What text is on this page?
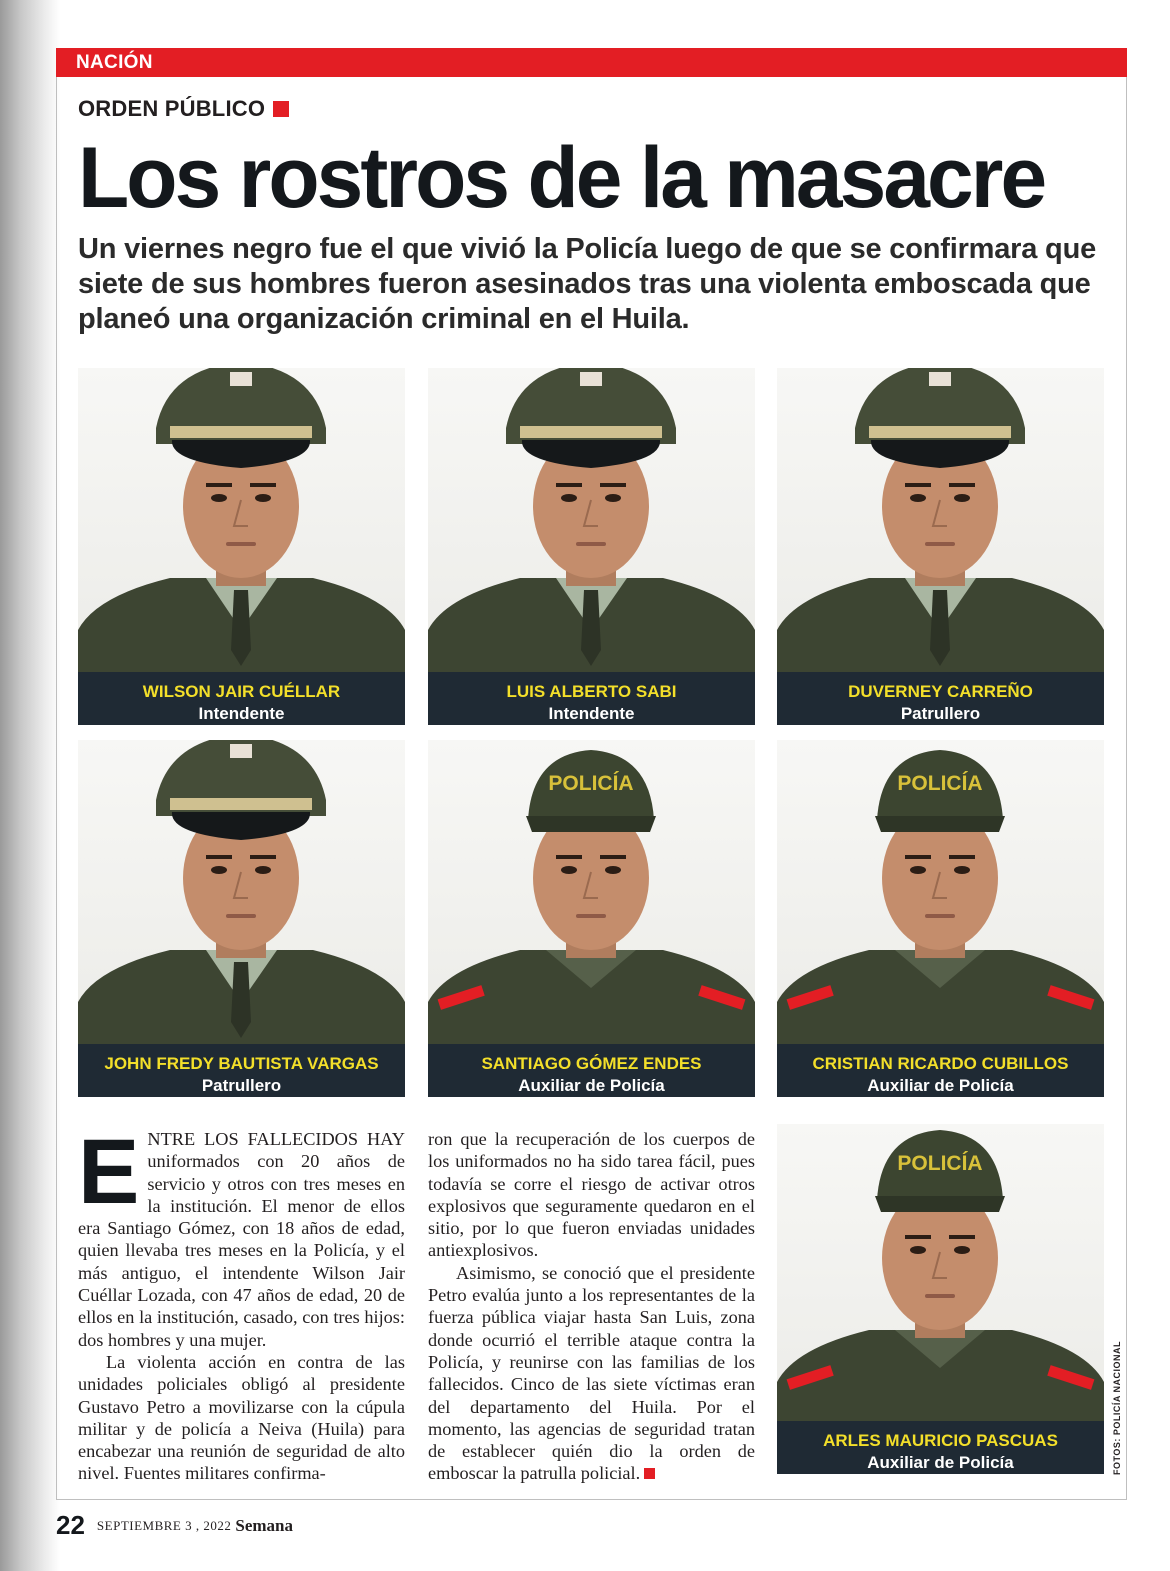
NACIÓN
ORDEN PÚBLICO
Los rostros de la masacre

Un viernes negro fue el que vivió la Policía luego de que se confirmara que siete de sus hombres fueron asesinados tras una violenta emboscada que planeó una organización criminal en el Huila.

WILSON JAIR CUÉLLAR
Intendente
LUIS ALBERTO SABI
Intendente
DUVERNEY CARREÑO
Patrullero
JOHN FREDY BAUTISTA VARGAS
Patrullero
POLICÍA
SANTIAGO GÓMEZ ENDES
Auxiliar de Policía
POLICÍA
CRISTIAN RICARDO CUBILLOS
Auxiliar de Policía
E NTRE LOS FALLECIDOS HAY uniformados con 20 años de servicio y otros con tres meses en la institución. El menor de ellos era Santiago Gómez, con 18 años de edad, quien llevaba tres meses en la Policía, y el más antiguo, el intendente Wilson Jair Cuéllar Lozada, con 47 años de edad, 20 de ellos en la institución, casado, con tres hijos: dos hombres y una mujer.

La violenta acción en contra de las unidades policiales obligó al presidente Gustavo Petro a movilizarse con la cúpula militar y de policía a Neiva (Huila) para encabezar una reunión de seguridad de alto nivel. Fuentes militares confirma-

ron que la recuperación de los cuerpos de los uniformados no ha sido tarea fácil, pues todavía se corre el riesgo de activar otros explosivos que seguramente quedaron en el sitio, por lo que fueron enviadas unidades antiexplosivos.

Asimismo, se conoció que el presidente Petro evalúa junto a los representantes de la fuerza pública viajar hasta San Luis, zona donde ocurrió el terrible ataque contra la Policía, y reunirse con las familias de los fallecidos. Cinco de las siete víctimas eran del departamento del Huila. Por el momento, las agencias de seguridad tratan de establecer quién dio la orden de emboscar la patrulla policial.

POLICÍA
ARLES MAURICIO PASCUAS
Auxiliar de Policía	FOTOS: POLICÍA NACIONAL
22 SEPTIEMBRE 3 , 2022 Semana
